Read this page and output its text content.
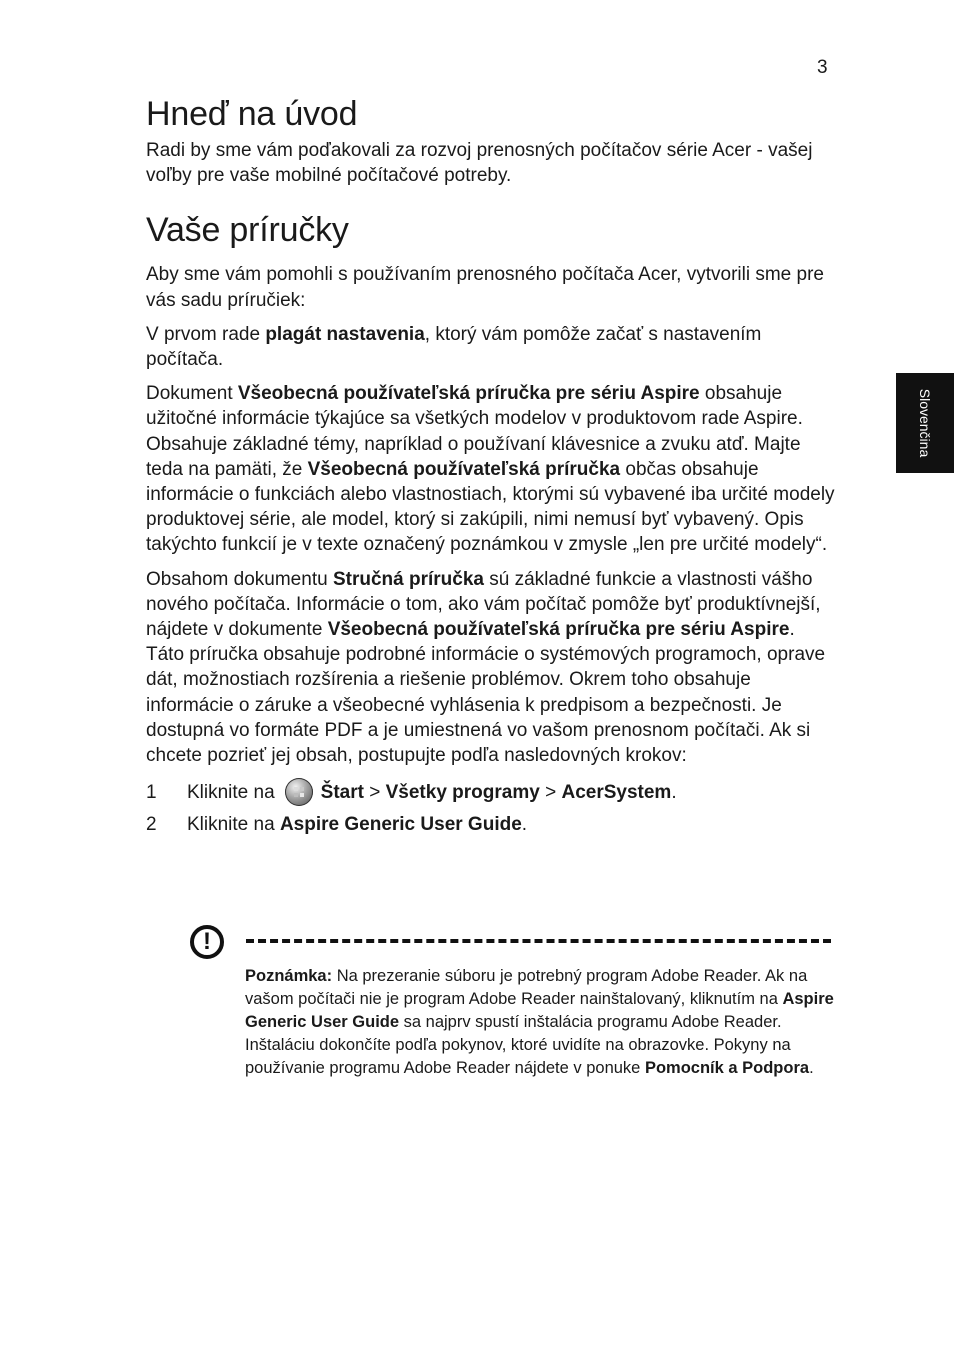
3
Slovenčina
Hneď na úvod

Radi by sme vám poďakovali za rozvoj prenosných počítačov série Acer - vašej voľby pre vaše mobilné počítačové potreby.

Vaše príručky

Aby sme vám pomohli s používaním prenosného počítača Acer, vytvorili sme pre vás sadu príručiek:

V prvom rade plagát nastavenia, ktorý vám pomôže začať s nastavením počítača.

Dokument Všeobecná používateľská príručka pre sériu Aspire obsahuje užitočné informácie týkajúce sa všetkých modelov v produktovom rade Aspire. Obsahuje základné témy, napríklad o používaní klávesnice a zvuku atď. Majte teda na pamäti, že Všeobecná používateľská príručka občas obsahuje informácie o funkciách alebo vlastnostiach, ktorými sú vybavené iba určité modely produktovej série, ale model, ktorý si zakúpili, nimi nemusí byť vybavený. Opis takýchto funkcií je v texte označený poznámkou v zmysle „len pre určité modely“.

Obsahom dokumentu Stručná príručka sú základné funkcie a vlastnosti vášho nového počítača. Informácie o tom, ako vám počítač pomôže byť produktívnejší, nájdete v dokumente Všeobecná používateľská príručka pre sériu Aspire. Táto príručka obsahuje podrobné informácie o systémových programoch, oprave dát, možnostiach rozšírenia a riešenie problémov. Okrem toho obsahuje informácie o záruke a všeobecné vyhlásenia k predpisom a bezpečnosti. Je dostupná vo formáte PDF a je umiestnená vo vašom prenosnom počítači. Ak si chcete pozrieť jej obsah, postupujte podľa nasledovných krokov:

1	Kliknite na Štart > Všetky programy > AcerSystem .
2	Kliknite na Aspire Generic User Guide .
!
Poznámka: Na prezeranie súboru je potrebný program Adobe Reader. Ak na vašom počítači nie je program Adobe Reader nainštalovaný, kliknutím na Aspire Generic User Guide sa najprv spustí inštalácia programu Adobe Reader. Inštaláciu dokončíte podľa pokynov, ktoré uvidíte na obrazovke. Pokyny na používanie programu Adobe Reader nájdete v ponuke Pomocník a Podpora.
